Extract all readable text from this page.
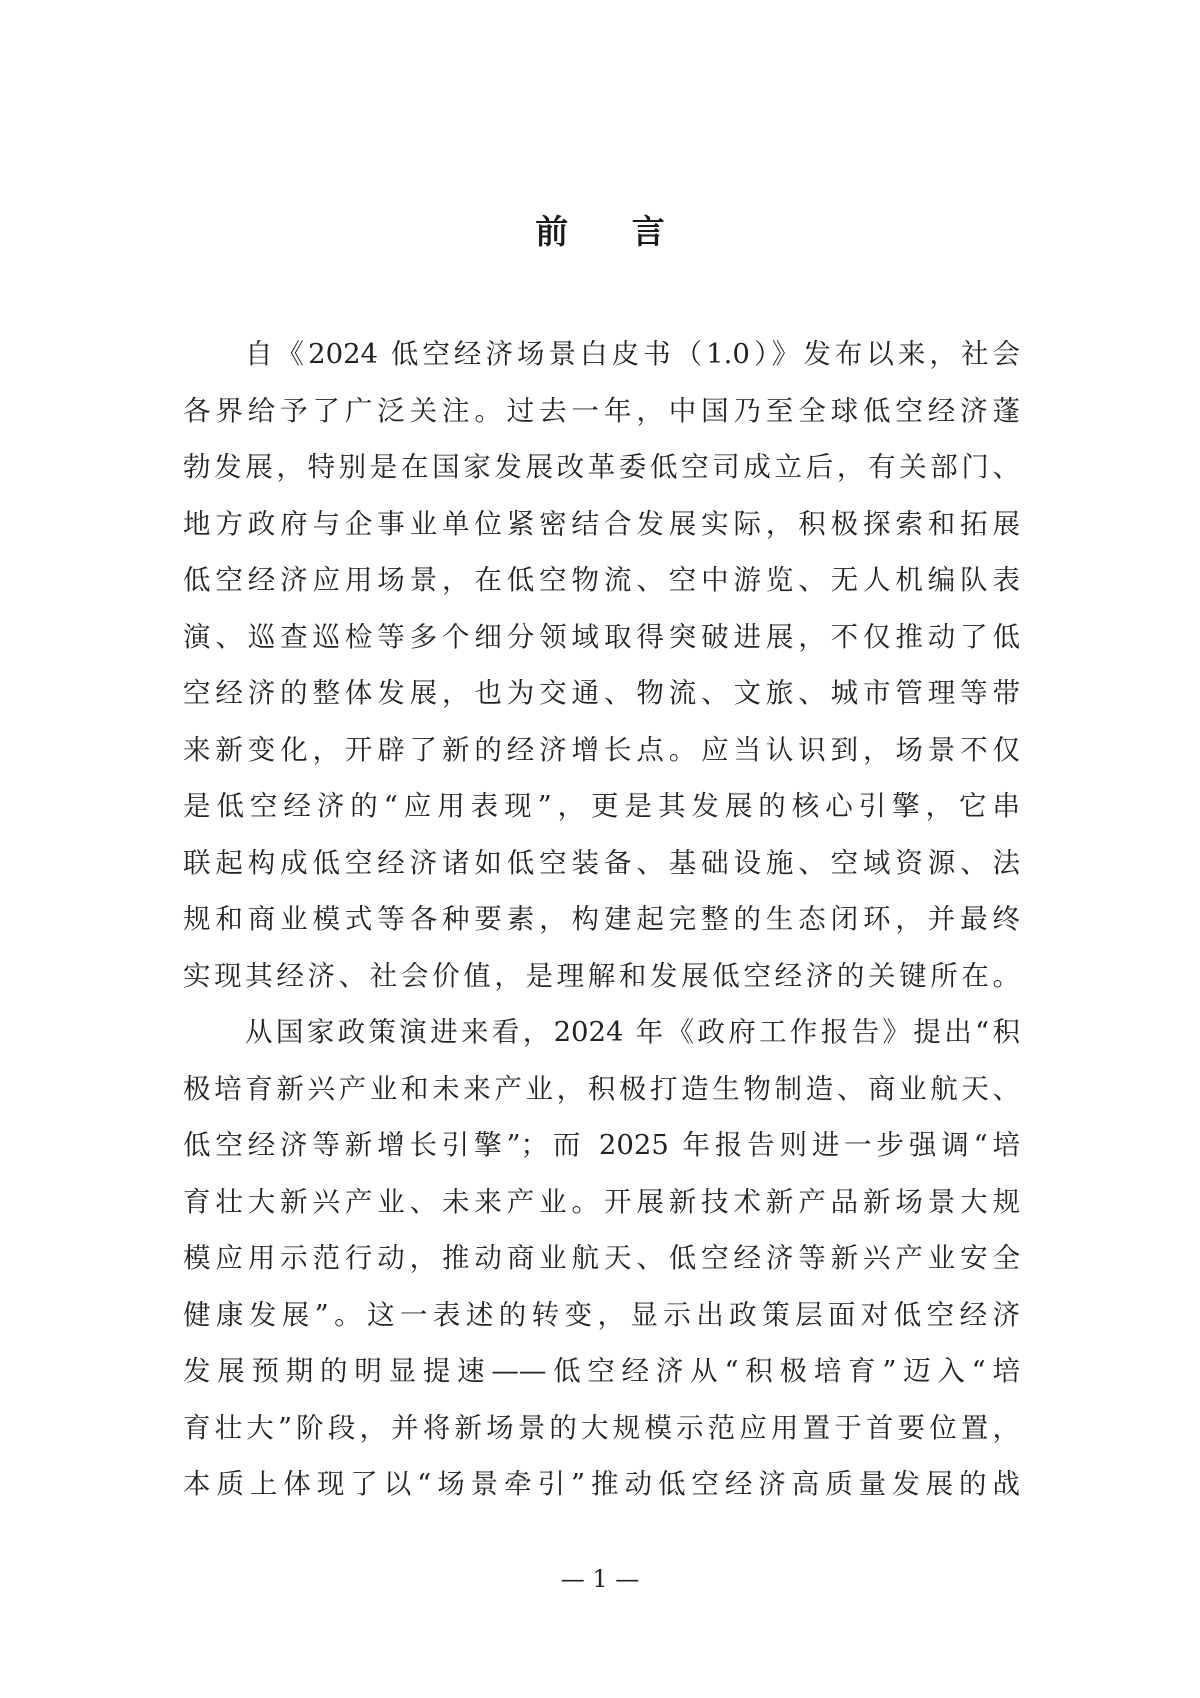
前 言
自《2024 低空经济场景白皮书（1.0）》发布以来，社会
各界给予了广泛关注。过去一年，中国乃至全球低空经济蓬
勃发展，特别是在国家发展改革委低空司成立后，有关部门、
地方政府与企事业单位紧密结合发展实际，积极探索和拓展
低空经济应用场景，在低空物流、空中游览、无人机编队表
演、巡查巡检等多个细分领域取得突破进展，不仅推动了低
空经济的整体发展，也为交通、物流、文旅、城市管理等带
来新变化，开辟了新的经济增长点。应当认识到，场景不仅
是低空经济的“应用表现”，更是其发展的核心引擎，它串
联起构成低空经济诸如低空装备、基础设施、空域资源、法
规和商业模式等各种要素，构建起完整的生态闭环，并最终
实现其经济、社会价值，是理解和发展低空经济的关键所在。
从国家政策演进来看，2024 年《政府工作报告》提出“积
极培育新兴产业和未来产业，积极打造生物制造、商业航天、
低空经济等新增长引擎”；而 2025 年报告则进一步强调“培
育壮大新兴产业、未来产业。开展新技术新产品新场景大规
模应用示范行动，推动商业航天、低空经济等新兴产业安全
健康发展”。这一表述的转变，显示出政策层面对低空经济
发展预期的明显提速——低空经济从“积极培育”迈入“培
育壮大”阶段，并将新场景的大规模示范应用置于首要位置，
本质上体现了以“场景牵引”推动低空经济高质量发展的战
— 1 —
